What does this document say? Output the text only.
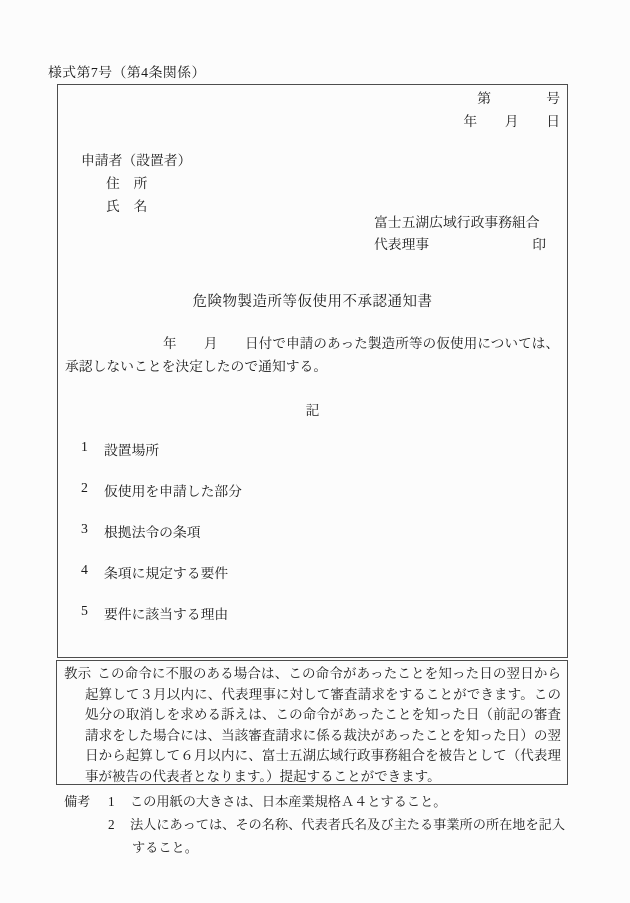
様式第7号（第4条関係）
第　　　　号
年　　月　　日
申請者（設置者）
住　所
氏　名
富士五湖広域行政事務組合
代表理事	印
危険物製造所等仮使用不承認通知書
年　　月　　日付で申請のあった製造所等の仮使用については、
承認しないことを決定したので通知する。
記
1	設置場所
2	仮使用を申請した部分
3	根拠法令の条項
4	条項に規定する要件
5	要件に該当する理由
教示 この命令に不服のある場合は、この命令があったことを知った日の翌日から
起算して３月以内に、代表理事に対して審査請求をすることができます。この
処分の取消しを求める訴えは、この命令があったことを知った日（前記の審査
請求をした場合には、当該審査請求に係る裁決があったことを知った日）の翌
日から起算して６月以内に、富士五湖広域行政事務組合を被告として（代表理
事が被告の代表者となります。）提起することができます。
備考	1	この用紙の大きさは、日本産業規格Ａ４とすること。
2	法人にあっては、その名称、代表者氏名及び主たる事業所の所在地を記入
すること。
